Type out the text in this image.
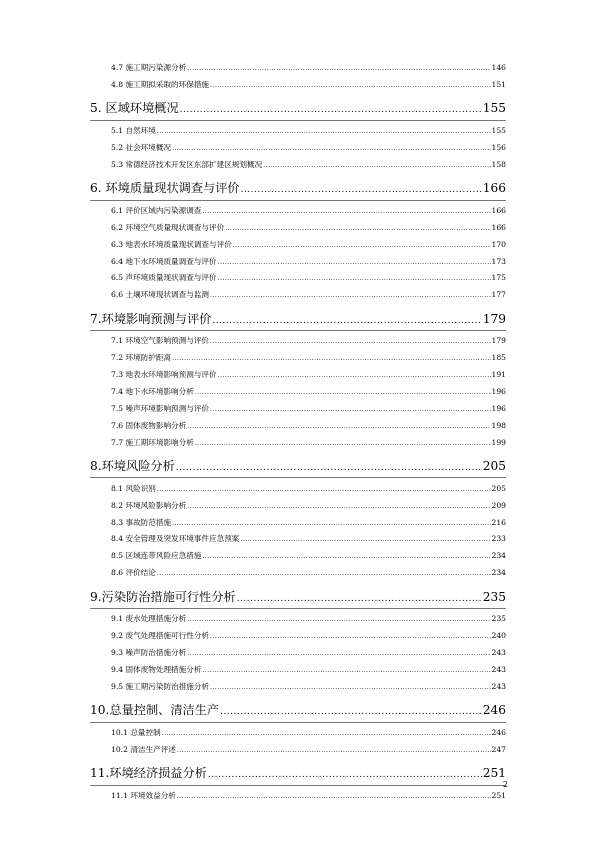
4.7 施工期污染源分析 .....	146
4.8 施工期拟采取的环保措施 .....	151
5. 区域环境概况 .....	155
5.1 自然环境 .....	155
5.2 社会环境概况 .....	156
5.3 常德经济技术开发区东部扩建区规划概况 .....	158
6. 环境质量现状调查与评价 .....	166
6.1 评价区域内污染源调查 .....	166
6.2 环境空气质量现状调查与评价 .....	166
6.3 地表水环境质量现状调查与评价 .....	170
6.4 地下水环境质量调查与评价 .....	173
6.5 声环境质量现状调查与评价 .....	175
6.6 土壤环境现状调查与监测 .....	177
7.环境影响预测与评价 .....	179
7.1 环境空气影响预测与评价 .....	179
7.2 环境防护距离 .....	185
7.3 地表水环境影响预测与评价 .....	191
7.4 地下水环境影响分析 .....	196
7.5 噪声环境影响预测与评价 .....	196
7.6 固体废物影响分析 .....	198
7.7 施工期环境影响分析 .....	199
8.环境风险分析 .....	205
8.1 风险识别 .....	205
8.2 环境风险影响分析 .....	209
8.3 事故防范措施 .....	216
8.4 安全管理及突发环境事件应急预案 .....	233
8.5 区域连带风险应急措施 .....	234
8.6 评价结论 .....	234
9.污染防治措施可行性分析 .....	235
9.1 废水处理措施分析 .....	235
9.2 废气处理措施可行性分析 .....	240
9.3 噪声防治措施分析 .....	243
9.4 固体废物处理措施分析 .....	243
9.5 施工期污染防治措施分析 .....	243
10.总量控制、清洁生产 .....	246
10.1 总量控制 .....	246
10.2 清洁生产评述 .....	247
11.环境经济损益分析 .....	251
11.1 环境效益分析 .....	251
2
